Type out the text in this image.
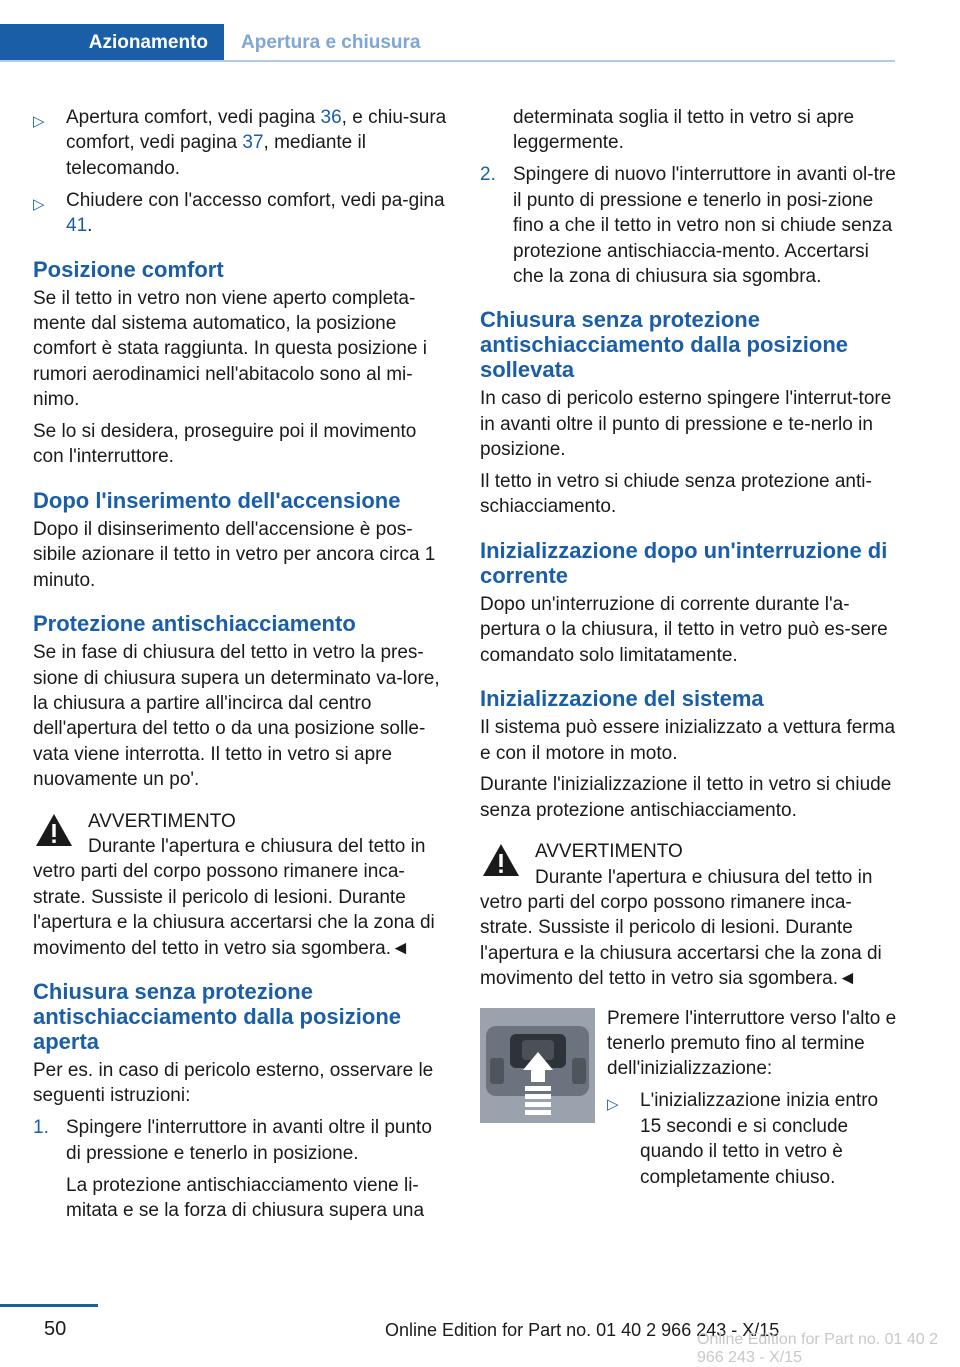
Azionamento	Apertura e chiusura
▷ Apertura comfort, vedi pagina 36, e chiu-sura comfort, vedi pagina 37, mediante il telecomando.
▷ Chiudere con l'accesso comfort, vedi pa-gina 41.
Posizione comfort

Se il tetto in vetro non viene aperto completa-mente dal sistema automatico, la posizione comfort è stata raggiunta. In questa posizione i rumori aerodinamici nell'abitacolo sono al mi-nimo.

Se lo si desidera, proseguire poi il movimento con l'interruttore.

Dopo l'inserimento dell'accensione

Dopo il disinserimento dell'accensione è pos-sibile azionare il tetto in vetro per ancora circa 1 minuto.

Protezione antischiacciamento

Se in fase di chiusura del tetto in vetro la pres-sione di chiusura supera un determinato va-lore, la chiusura a partire all'incirca dal centro dell'apertura del tetto o da una posizione solle-vata viene interrotta. Il tetto in vetro si apre nuovamente un po'.

AVVERTIMENTO
Durante l'apertura e chiusura del tetto in
vetro parti del corpo possono rimanere inca-strate. Sussiste il pericolo di lesioni. Durante l'apertura e la chiusura accertarsi che la zona di movimento del tetto in vetro sia sgombera.◄
Chiusura senza protezione antischiacciamento dalla posizione aperta

Per es. in caso di pericolo esterno, osservare le seguenti istruzioni:

1. Spingere l'interruttore in avanti oltre il punto di pressione e tenerlo in posizione.
La protezione antischiacciamento viene li-mitata e se la forza di chiusura supera una
determinata soglia il tetto in vetro si apre leggermente.
2. Spingere di nuovo l'interruttore in avanti ol-tre il punto di pressione e tenerlo in posi-zione fino a che il tetto in vetro non si chiude senza protezione antischiaccia-mento. Accertarsi che la zona di chiusura sia sgombra.
Chiusura senza protezione antischiacciamento dalla posizione sollevata

In caso di pericolo esterno spingere l'interrut-tore in avanti oltre il punto di pressione e te-nerlo in posizione.

Il tetto in vetro si chiude senza protezione anti-schiacciamento.

Inizializzazione dopo un'interruzione di corrente

Dopo un'interruzione di corrente durante l'a-pertura o la chiusura, il tetto in vetro può es-sere comandato solo limitatamente.

Inizializzazione del sistema

Il sistema può essere inizializzato a vettura ferma e con il motore in moto.

Durante l'inizializzazione il tetto in vetro si chiude senza protezione antischiacciamento.

AVVERTIMENTO
Durante l'apertura e chiusura del tetto in
vetro parti del corpo possono rimanere inca-strate. Sussiste il pericolo di lesioni. Durante l'apertura e la chiusura accertarsi che la zona di movimento del tetto in vetro sia sgombera.◄

Premere l'interruttore verso l'alto e tenerlo premuto fino al termine dell'inizializzazione:

▷ L'inizializzazione inizia entro 15 secondi e si conclude quando il tetto in vetro è completamente chiuso.
50	Online Edition for Part no. 01 40 2 966 243 - X/15
Online Edition for Part no. 01 40 2 966 243 - X/15
